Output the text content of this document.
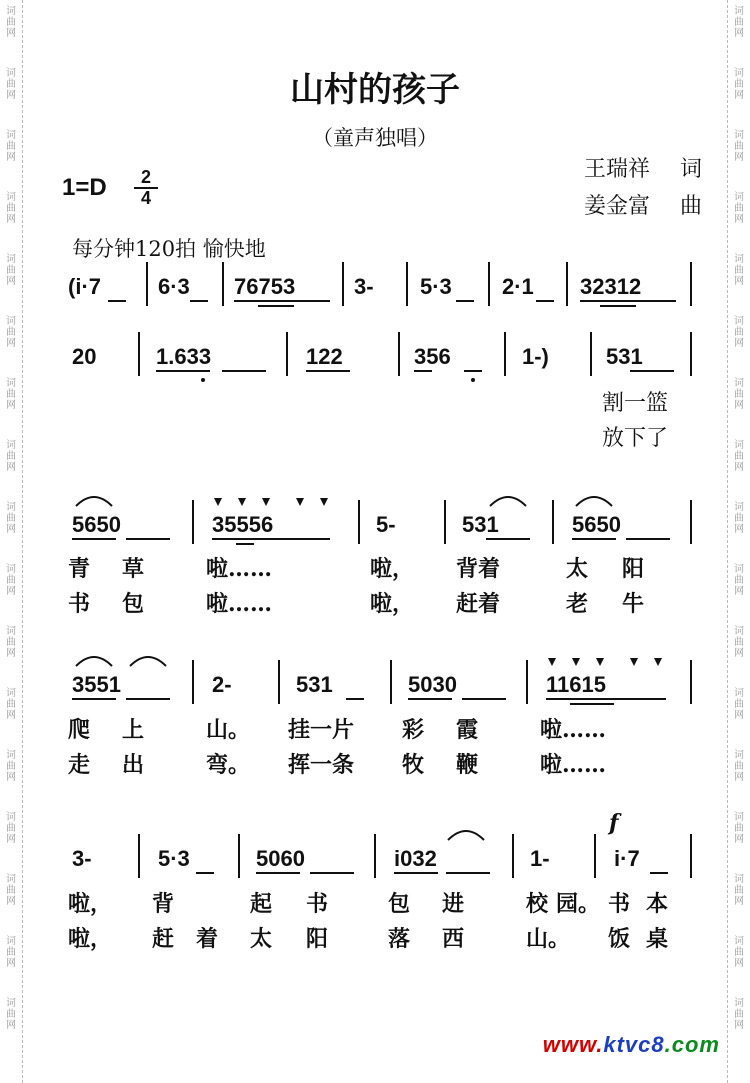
词曲网
词曲网
词曲网
词曲网
词曲网
词曲网
词曲网
词曲网
词曲网
词曲网
词曲网
词曲网
词曲网
词曲网
词曲网
词曲网
词曲网
词曲网
词曲网
词曲网
词曲网
词曲网
词曲网
词曲网
词曲网
词曲网
词曲网
词曲网
词曲网
词曲网
词曲网
词曲网
词曲网
词曲网
山村的孩子
（童声独唱）
王瑞祥 词
姜金富 曲
$1=D \frac{2}{4}$
每分钟120拍 愉快地
(i·7	6·3 76753	3- 5·3 2·1 32312
20	1.633	122	356	1-)	531
割一篮
放下了
5650	35556	5-	531	5650
青 草	啦……	啦， 背着	太 阳
书 包	啦……	啦， 赶着	老 牛
3551	2-	531	5030	11615
爬 上	山。 挂一片 彩 霞	啦……
走 出	弯。 挥一条 牧 鞭	啦……
f
3-	5·3	5060	i032	1-	i·7
啦， 背	起 书	包 进	校 园。 书 本
啦， 赶 着 太 阳	落 西	山。 饭 桌
www.ktvc8.com
